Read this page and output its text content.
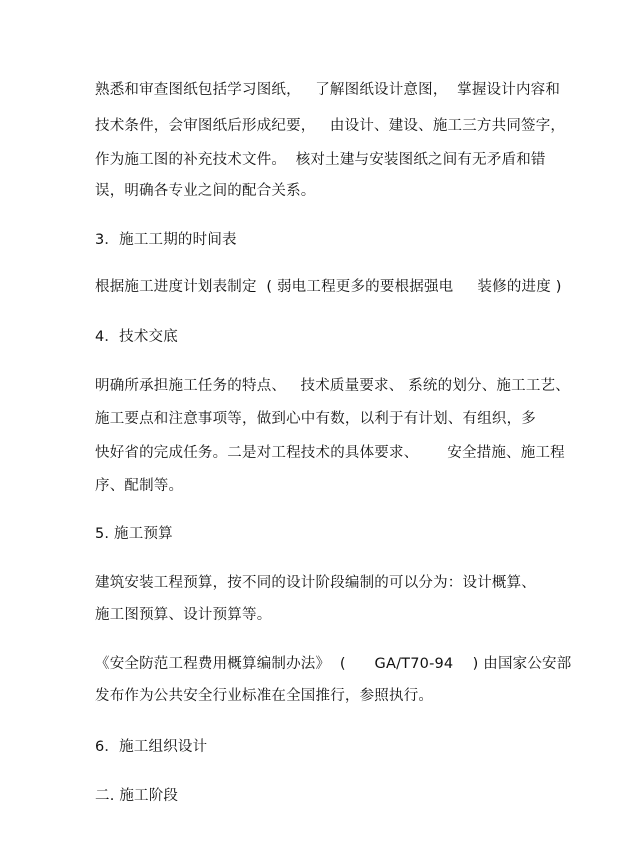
熟悉和审查图纸包括学习图纸，   了解图纸设计意图，  掌握设计内容和
技术条件，会审图纸后形成纪要，   由设计、建设、施工三方共同签字，
作为施工图的补充技术文件。  核对土建与安装图纸之间有无矛盾和错
误，明确各专业之间的配合关系。
3．施工工期的时间表
根据施工进度计划表制定  ( 弱电工程更多的要根据强电     装修的进度 )
4．技术交底
明确所承担施工任务的特点、   技术质量要求、 系统的划分、施工工艺、
施工要点和注意事项等，做到心中有数，以利于有计划、有组织，多
快好省的完成任务。二是对工程技术的具体要求、      安全措施、施工程
序、配制等。
5. 施工预算
建筑安装工程预算，按不同的设计阶段编制的可以分为：设计概算、
施工图预算、设计预算等。
《安全防范工程费用概算编制办法》  (      GA/T70-94    ) 由国家公安部
发布作为公共安全行业标准在全国推行，参照执行。
6．施工组织设计
二. 施工阶段
